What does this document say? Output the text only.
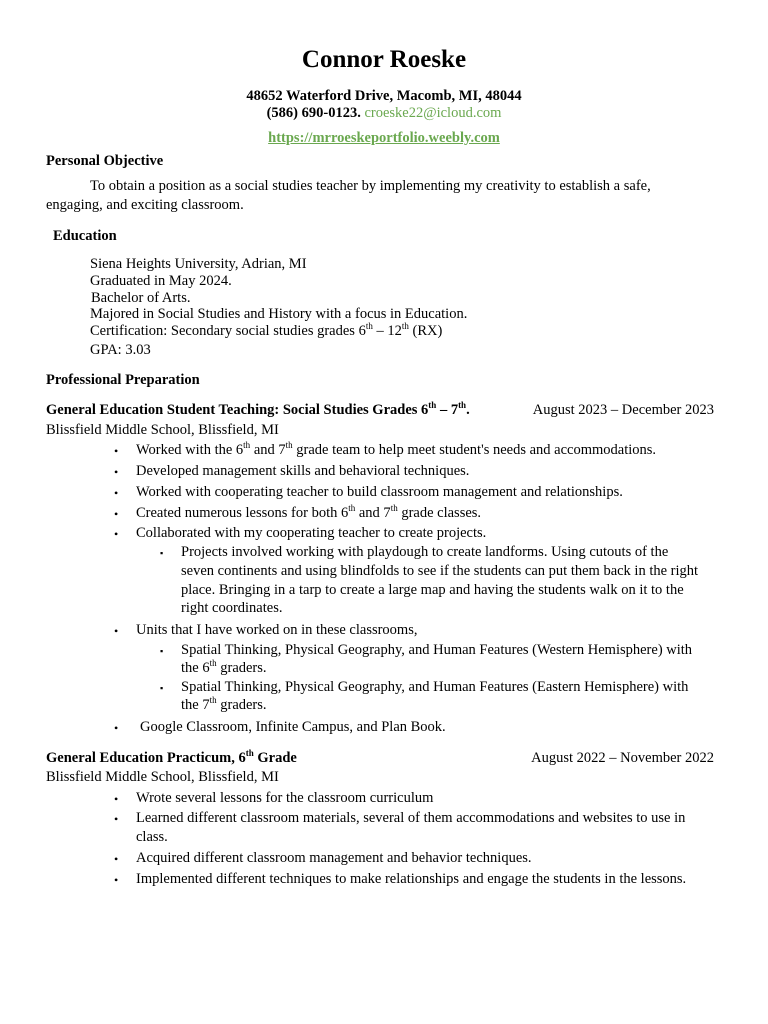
Connor Roeske
48652 Waterford Drive, Macomb, MI, 48044
(586) 690-0123. croeske22@icloud.com
https://mrroeskeportfolio.weebly.com
Personal Objective
To obtain a position as a social studies teacher by implementing my creativity to establish a safe,
engaging, and exciting classroom.
Education
Siena Heights University, Adrian, MI
Graduated in May 2024.
Bachelor of Arts.
Majored in Social Studies and History with a focus in Education.
Certification: Secondary social studies grades 6th – 12th (RX)
GPA: 3.03
Professional Preparation
General Education Student Teaching: Social Studies Grades 6th – 7th.	August 2023 – December 2023
Blissfield Middle School, Blissfield, MI
• Worked with the 6th and 7th grade team to help meet student's needs and accommodations.
• Developed management skills and behavioral techniques.
• Worked with cooperating teacher to build classroom management and relationships.
• Created numerous lessons for both 6th and 7th grade classes.
• Collaborated with my cooperating teacher to create projects.
▪ Projects involved working with playdough to create landforms. Using cutouts of the
seven continents and using blindfolds to see if the students can put them back in the right
place. Bringing in a tarp to create a large map and having the students walk on it to the
right coordinates.
• Units that I have worked on in these classrooms,
▪ Spatial Thinking, Physical Geography, and Human Features (Western Hemisphere) with
the 6th graders.
▪ Spatial Thinking, Physical Geography, and Human Features (Eastern Hemisphere) with
the 7th graders.
• Google Classroom, Infinite Campus, and Plan Book.
General Education Practicum, 6th Grade	August 2022 – November 2022
Blissfield Middle School, Blissfield, MI
• Wrote several lessons for the classroom curriculum
• Learned different classroom materials, several of them accommodations and websites to use in
class.
• Acquired different classroom management and behavior techniques.
• Implemented different techniques to make relationships and engage the students in the lessons.
